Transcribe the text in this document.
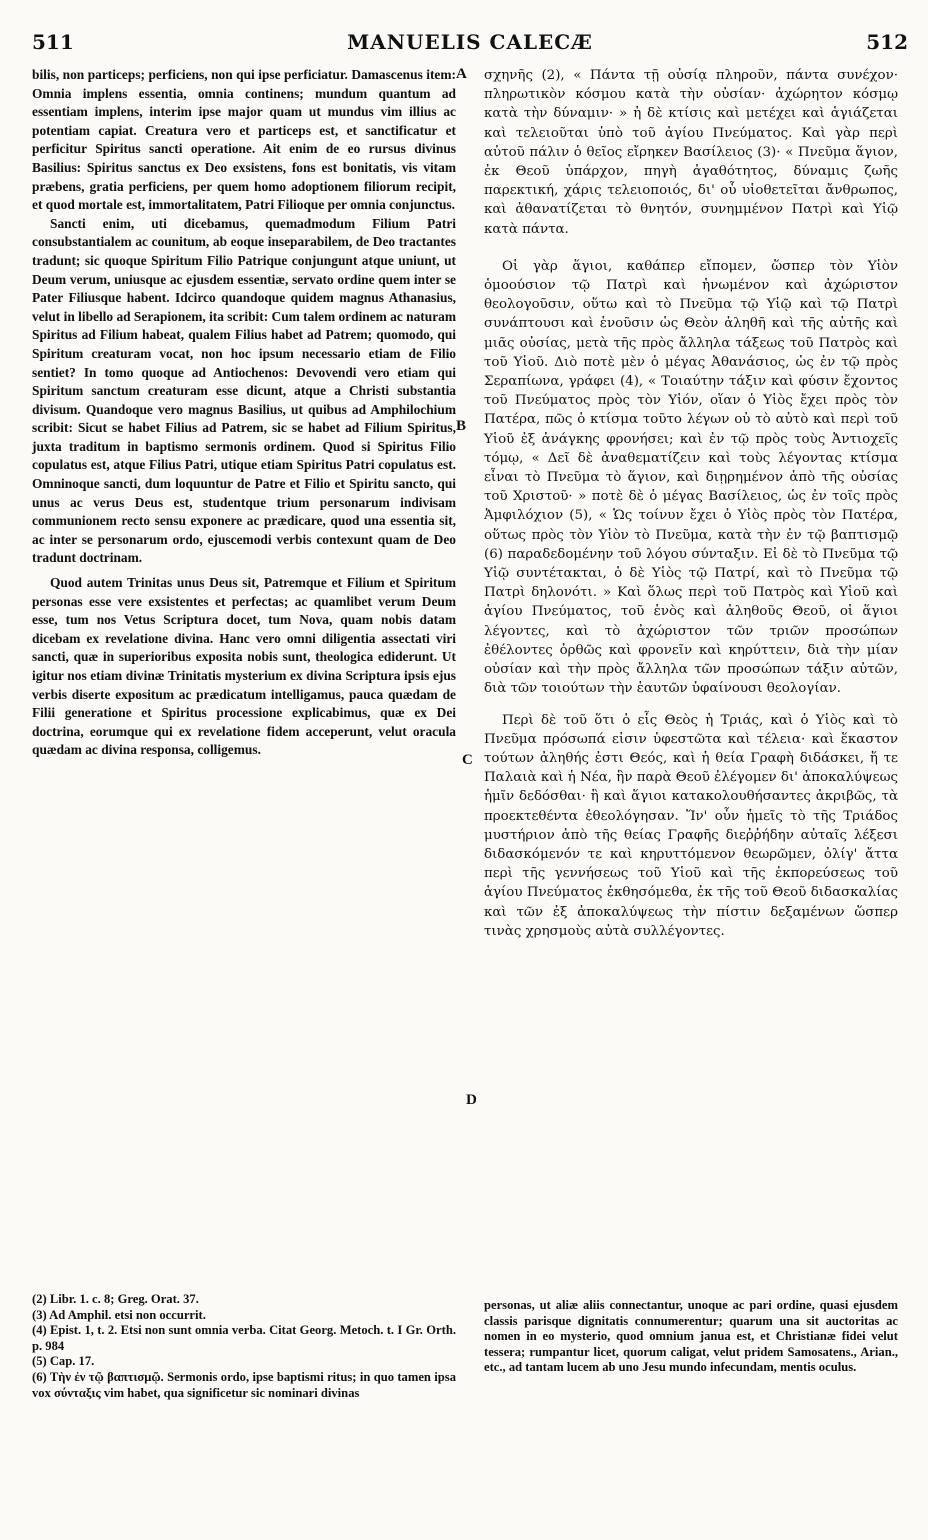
511	MANUELIS CALECÆ	512

bilis, non particeps; perficiens, non qui ipse perficiatur. Damascenus item: Omnia implens essentia, omnia continens; mundum quantum ad essentiam implens, interim ipse major quam ut mundus vim illius ac potentiam capiat. Creatura vero et particeps est, et sanctificatur et perficitur Spiritus sancti operatione. Ait enim de eo rursus divinus Basilius: Spiritus sanctus ex Deo exsistens, fons est bonitatis, vis vitam præbens, gratia perficiens, per quem homo adoptionem filiorum recipit, et quod mortale est, immortalitatem, Patri Filioque per omnia conjunctus.

Sancti enim, uti dicebamus, quemadmodum Filium Patri consubstantialem ac counitum, ab eoque inseparabilem, de Deo tractantes tradunt; sic quoque Spiritum Filio Patrique conjungunt atque uniunt, ut Deum verum, uniusque ac ejusdem essentiæ, servato ordine quem inter se Pater Filiusque habent. Idcirco quandoque quidem magnus Athanasius, velut in libello ad Serapionem, ita scribit: Cum talem ordinem ac naturam Spiritus ad Filium habeat, qualem Filius habet ad Patrem; quomodo, qui Spiritum creaturam vocat, non hoc ipsum necessario etiam de Filio sentiet? In tomo quoque ad Antiochenos: Devovendi vero etiam qui Spiritum sanctum creaturam esse dicunt, atque a Christi substantia divisum. Quandoque vero magnus Basilius, ut quibus ad Amphilochium scribit: Sicut se habet Filius ad Patrem, sic se habet ad Filium Spiritus, juxta traditum in baptismo sermonis ordinem. Quod si Spiritus Filio copulatus est, atque Filius Patri, utique etiam Spiritus Patri copulatus est. Omninoque sancti, dum loquuntur de Patre et Filio et Spiritu sancto, qui unus ac verus Deus est, studentque trium personarum indivisam communionem recto sensu exponere ac prædicare, quod una essentia sit, ac inter se personarum ordo, ejuscemodi verbis contexunt quam de Deo tradunt doctrinam.

Quod autem Trinitas unus Deus sit, Patremque et Filium et Spiritum personas esse vere exsistentes et perfectas; ac quamlibet verum Deum esse, tum nos Vetus Scriptura docet, tum Nova, quam nobis datam dicebam ex revelatione divina. Hanc vero omni diligentia assectati viri sancti, quæ in superioribus exposita nobis sunt, theologica ediderunt. Ut igitur nos etiam divinæ Trinitatis mysterium ex divina Scriptura ipsis ejus verbis diserte expositum ac prædicatum intelligamus, pauca quædam de Filii generatione et Spiritus processione explicabimus, quæ ex Dei doctrina, eorumque qui ex revelatione fidem acceperunt, velut oracula quædam ac divina responsa, colligemus.

(2) Libr. 1. c. 8; Greg. Orat. 37.

(3) Ad Amphil. etsi non occurrit.

(4) Epist. 1, t. 2. Etsi non sunt omnia verba. Citat Georg. Metoch. t. I Gr. Orth. p. 984

(5) Cap. 17.

(6) Τὴν ἐν τῷ βαπτισμῷ. Sermonis ordo, ipse baptismi ritus; in quo tamen ipsa vox σύνταξις vim habet, qua significetur sic nominari divinas

A
B
C
D

σχηνῆς (2), « Πάντα τῇ οὐσίᾳ πληροῦν, πάντα συνέχον· πληρωτικὸν κόσμου κατὰ τὴν οὐσίαν· ἀχώρητον κόσμῳ κατὰ τὴν δύναμιν· » ἡ δὲ κτίσις καὶ μετέχει καὶ ἁγιάζεται καὶ τελειοῦται ὑπὸ τοῦ ἁγίου Πνεύματος. Καὶ γὰρ περὶ αὐτοῦ πάλιν ὁ θεῖος εἴρηκεν Βασίλειος (3)· « Πνεῦμα ἅγιον, ἐκ Θεοῦ ὑπάρχον, πηγὴ ἀγαθότητος, δύναμις ζωῆς παρεκτική, χάρις τελειοποιός, δι' οὗ υἱοθετεῖται ἄνθρωπος, καὶ ἀθανατίζεται τὸ θνητόν, συνημμένον Πατρὶ καὶ Υἱῷ κατὰ πάντα.

Οἱ γὰρ ἅγιοι, καθάπερ εἴπομεν, ὥσπερ τὸν Υἱὸν ὁμοούσιον τῷ Πατρὶ καὶ ἡνωμένον καὶ ἀχώριστον θεολογοῦσιν, οὕτω καὶ τὸ Πνεῦμα τῷ Υἱῷ καὶ τῷ Πατρὶ συνάπτουσι καὶ ἑνοῦσιν ὡς Θεὸν ἀληθῆ καὶ τῆς αὐτῆς καὶ μιᾶς οὐσίας, μετὰ τῆς πρὸς ἄλληλα τάξεως τοῦ Πατρὸς καὶ τοῦ Υἱοῦ. Διὸ ποτὲ μὲν ὁ μέγας Ἀθανάσιος, ὡς ἐν τῷ πρὸς Σεραπίωνα, γράφει (4), « Τοιαύτην τάξιν καὶ φύσιν ἔχοντος τοῦ Πνεύματος πρὸς τὸν Υἱόν, οἵαν ὁ Υἱὸς ἔχει πρὸς τὸν Πατέρα, πῶς ὁ κτίσμα τοῦτο λέγων οὐ τὸ αὐτὸ καὶ περὶ τοῦ Υἱοῦ ἐξ ἀνάγκης φρονήσει; καὶ ἐν τῷ πρὸς τοὺς Ἀντιοχεῖς τόμῳ, « Δεῖ δὲ ἀναθεματίζειν καὶ τοὺς λέγοντας κτίσμα εἶναι τὸ Πνεῦμα τὸ ἅγιον, καὶ διῃρημένον ἀπὸ τῆς οὐσίας τοῦ Χριστοῦ· » ποτὲ δὲ ὁ μέγας Βασίλειος, ὡς ἐν τοῖς πρὸς Ἀμφιλόχιον (5), « Ὡς τοίνυν ἔχει ὁ Υἱὸς πρὸς τὸν Πατέρα, οὕτως πρὸς τὸν Υἱὸν τὸ Πνεῦμα, κατὰ τὴν ἐν τῷ βαπτισμῷ (6) παραδεδομένην τοῦ λόγου σύνταξιν. Εἰ δὲ τὸ Πνεῦμα τῷ Υἱῷ συντέτακται, ὁ δὲ Υἱὸς τῷ Πατρί, καὶ τὸ Πνεῦμα τῷ Πατρὶ δηλονότι. » Καὶ ὅλως περὶ τοῦ Πατρὸς καὶ Υἱοῦ καὶ ἁγίου Πνεύματος, τοῦ ἑνὸς καὶ ἀληθοῦς Θεοῦ, οἱ ἅγιοι λέγοντες, καὶ τὸ ἀχώριστον τῶν τριῶν προσώπων ἐθέλοντες ὀρθῶς καὶ φρονεῖν καὶ κηρύττειν, διὰ τὴν μίαν οὐσίαν καὶ τὴν πρὸς ἄλληλα τῶν προσώπων τάξιν αὐτῶν, διὰ τῶν τοιούτων τὴν ἑαυτῶν ὑφαίνουσι θεολογίαν.

Περὶ δὲ τοῦ ὅτι ὁ εἷς Θεὸς ἡ Τριάς, καὶ ὁ Υἱὸς καὶ τὸ Πνεῦμα πρόσωπά εἰσιν ὑφεστῶτα καὶ τέλεια· καὶ ἕκαστον τούτων ἀληθής ἐστι Θεός, καὶ ἡ θεία Γραφὴ διδάσκει, ἥ τε Παλαιὰ καὶ ἡ Νέα, ἣν παρὰ Θεοῦ ἐλέγομεν δι' ἀποκαλύψεως ἡμῖν δεδόσθαι· ἣ καὶ ἅγιοι κατακολουθήσαντες ἀκριβῶς, τὰ προεκτεθέντα ἐθεολόγησαν. Ἵν' οὖν ἡμεῖς τὸ τῆς Τριάδος μυστήριον ἀπὸ τῆς θείας Γραφῆς διεῤῥήδην αὐταῖς λέξεσι διδασκόμενόν τε καὶ κηρυττόμενον θεωρῶμεν, ὀλίγ' ἄττα περὶ τῆς γεννήσεως τοῦ Υἱοῦ καὶ τῆς ἐκπορεύσεως τοῦ ἁγίου Πνεύματος ἐκθησόμεθα, ἐκ τῆς τοῦ Θεοῦ διδασκαλίας καὶ τῶν ἐξ ἀποκαλύψεως τὴν πίστιν δεξαμένων ὥσπερ τινὰς χρησμοὺς αὐτὰ συλλέγοντες.

personas, ut aliæ aliis connectantur, unoque ac pari ordine, quasi ejusdem classis parisque dignitatis connumerentur; quarum una sit auctoritas ac nomen in eo mysterio, quod omnium janua est, et Christianæ fidei velut tessera; rumpantur licet, quorum caligat, velut pridem Samosatens., Arian., etc., ad tantam lucem ab uno Jesu mundo infecundam, mentis oculus.
